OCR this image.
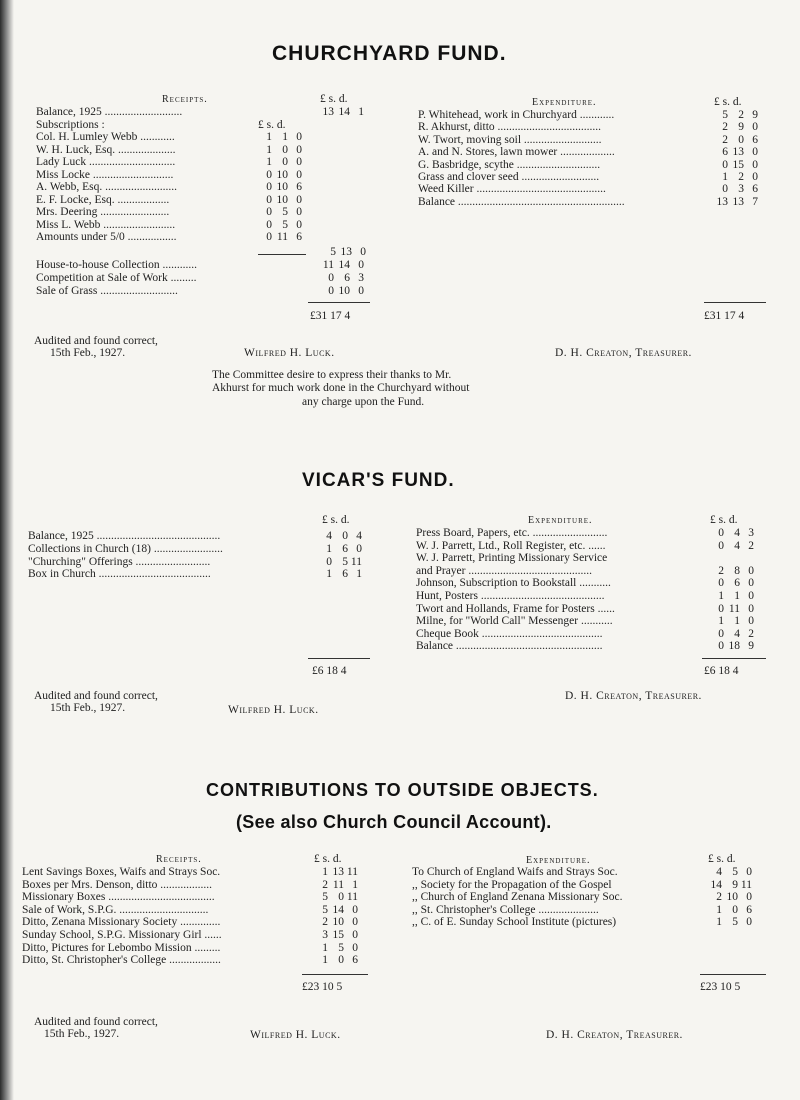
CHURCHYARD FUND.
Receipts.	£ s. d.
£ s. d.
Balance, 1925 ...........................	13 14 1
Subscriptions :
Col. H. Lumley Webb ............	1 1 0
W. H. Luck, Esq. ....................	1 0 0
Lady Luck ..............................	1 0 0
Miss Locke ............................	0 10 0
A. Webb, Esq. .........................	0 10 6
E. F. Locke, Esq. ..................	0 10 0
Mrs. Deering ........................	0 5 0
Miss L. Webb .........................	0 5 0
Amounts under 5/0 .................	0 11 6
5 13 0
House-to-house Collection ............	11 14 0
Competition at Sale of Work .........	0 6 3
Sale of Grass ...........................	0 10 0
£31 17 4
Expenditure.	£ s. d.
P. Whitehead, work in Churchyard ............	5 2 9
R. Akhurst, ditto ....................................	2 9 0
W. Twort, moving soil ...........................	2 0 6
A. and N. Stores, lawn mower ...................	6 13 0
G. Basbridge, scythe .............................	0 15 0
Grass and clover seed ...........................	1 2 0
Weed Killer .............................................	0 3 6
Balance ..........................................................	13 13 7
£31 17 4
Audited and found correct,
15th Feb., 1927.	Wilfred H. Luck.	D. H. Creaton, Treasurer.
The Committee desire to express their thanks to Mr.
Akhurst for much work done in the Churchyard without
any charge upon the Fund.
VICAR'S FUND.
£ s. d.
Balance, 1925 ...........................................	4 0 4
Collections in Church (18) ........................	1 6 0
"Churching" Offerings ..........................	0 5 11
Box in Church .......................................	1 6 1
£6 18 4
Expenditure.	£ s. d.
Press Board, Papers, etc. ..........................	0 4 3
W. J. Parrett, Ltd., Roll Register, etc. ......	0 4 2
W. J. Parrett, Printing Missionary Service
and Prayer ...........................................	2 8 0
Johnson, Subscription to Bookstall ...........	0 6 0
Hunt, Posters ...........................................	1 1 0
Twort and Hollands, Frame for Posters ......	0 11 0
Milne, for "World Call" Messenger ...........	1 1 0
Cheque Book ..........................................	0 4 2
Balance ...................................................	0 18 9
£6 18 4
Audited and found correct,
15th Feb., 1927.	Wilfred H. Luck.
D. H. Creaton, Treasurer.
CONTRIBUTIONS TO OUTSIDE OBJECTS.
(See also Church Council Account).
Receipts.	£ s. d.
Lent Savings Boxes, Waifs and Strays Soc.	1 13 11
Boxes per Mrs. Denson, ditto ..................	2 11 1
Missionary Boxes .....................................	5 0 11
Sale of Work, S.P.G. ...............................	5 14 0
Ditto, Zenana Missionary Society ..............	2 10 0
Sunday School, S.P.G. Missionary Girl ......	3 15 0
Ditto, Pictures for Lebombo Mission .........	1 5 0
Ditto, St. Christopher's College ..................	1 0 6
£23 10 5
Expenditure.	£ s. d.
To Church of England Waifs and Strays Soc.	4 5 0
,, Society for the Propagation of the Gospel	14 9 11
,, Church of England Zenana Missionary Soc.	2 10 0
,, St. Christopher's College .....................	1 0 6
,, C. of E. Sunday School Institute (pictures)	1 5 0
£23 10 5
Audited and found correct,
15th Feb., 1927.	Wilfred H. Luck.	D. H. Creaton, Treasurer.
